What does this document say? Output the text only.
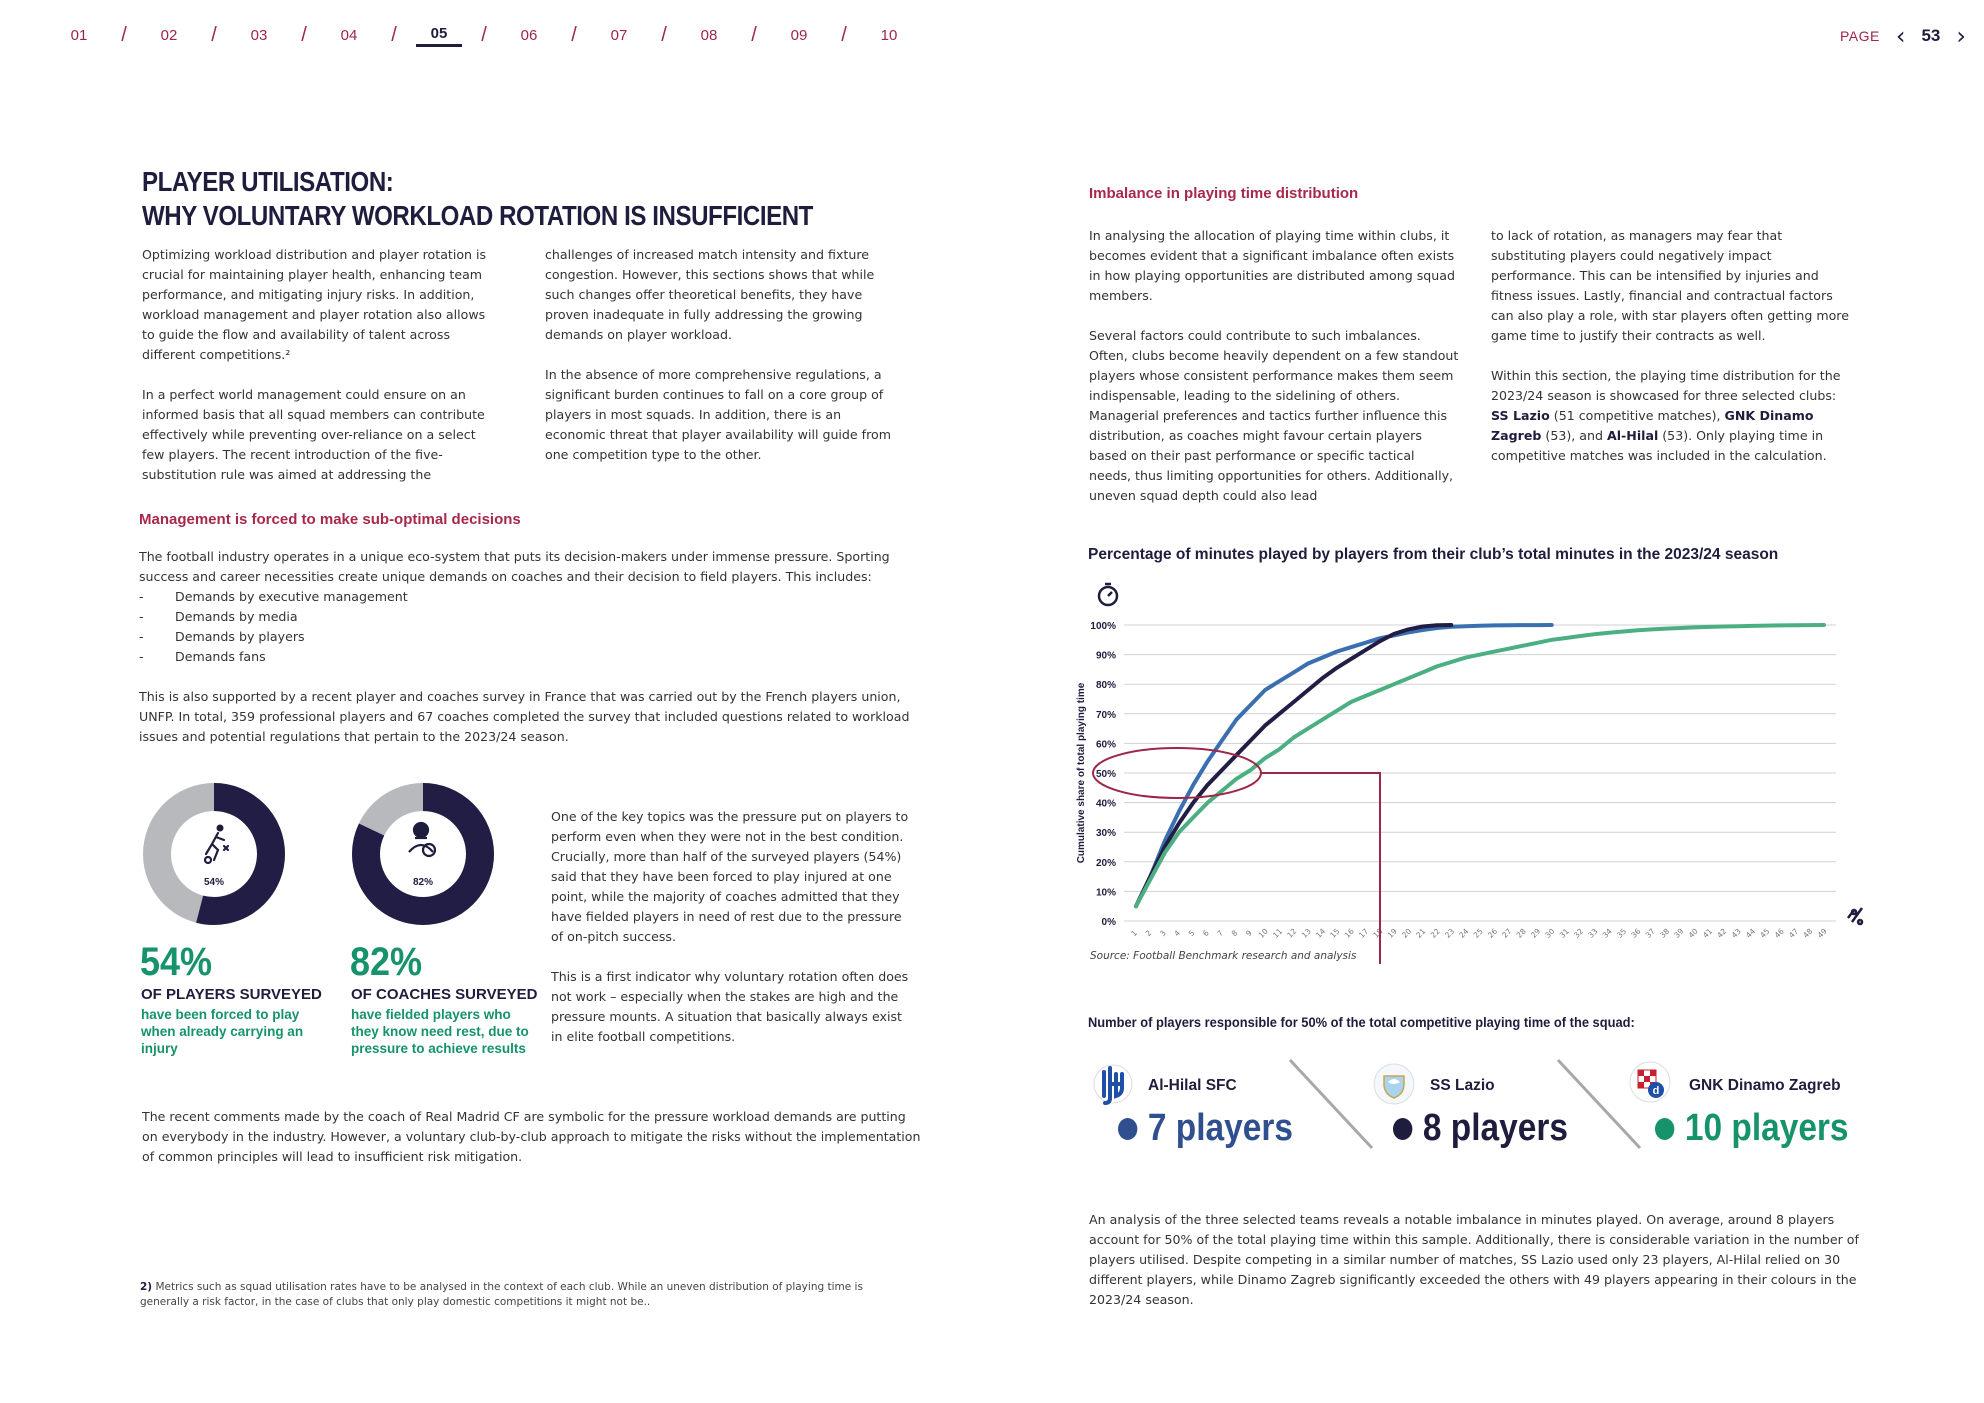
01	/	02	/	03	/	04	/	05	/	06	/	07	/	08	/	09	/	10	PAGE ‹ 53 ›
PLAYER UTILISATION:
WHY VOLUNTARY WORKLOAD ROTATION IS INSUFFICIENT
Optimizing workload distribution and player rotation is crucial for maintaining player health, enhancing team performance, and mitigating injury risks. In addition, workload management and player rotation also allows to guide the flow and availability of talent across different competitions.²
In a perfect world management could ensure on an informed basis that all squad members can contribute effectively while preventing over-reliance on a select few players. The recent introduction of the five-substitution rule was aimed at addressing the
challenges of increased match intensity and fixture congestion. However, this sections shows that while such changes offer theoretical benefits, they have proven inadequate in fully addressing the growing demands on player workload.
In the absence of more comprehensive regulations, a significant burden continues to fall on a core group of players in most squads. In addition, there is an economic threat that player availability will guide from one competition type to the other.
Management is forced to make sub-optimal decisions
The football industry operates in a unique eco-system that puts its decision-makers under immense pressure. Sporting success and career necessities create unique demands on coaches and their decision to field players. This includes:
-	Demands by executive management
-	Demands by media
-	Demands by players
-	Demands fans
This is also supported by a recent player and coaches survey in France that was carried out by the French players union, UNFP. In total, 359 professional players and 67 coaches completed the survey that included questions related to workload issues and potential regulations that pertain to the 2023/24 season.
54%	82%
54%
OF PLAYERS SURVEYED
have been forced to play when already carrying an injury
82%
OF COACHES SURVEYED
have fielded players who they know need rest, due to pressure to achieve results
One of the key topics was the pressure put on players to perform even when they were not in the best condition. Crucially, more than half of the surveyed players (54%) said that they have been forced to play injured at one point, while the majority of coaches admitted that they have fielded players in need of rest due to the pressure of on-pitch success.
This is a first indicator why voluntary rotation often does not work – especially when the stakes are high and the pressure mounts. A situation that basically always exist in elite football competitions.
The recent comments made by the coach of Real Madrid CF are symbolic for the pressure workload demands are putting on everybody in the industry. However, a voluntary club-by-club approach to mitigate the risks without the implementation of common principles will lead to insufficient risk mitigation.
2) Metrics such as squad utilisation rates have to be analysed in the context of each club. While an uneven distribution of playing time is generally a risk factor, in the case of clubs that only play domestic competitions it might not be..
Imbalance in playing time distribution
In analysing the allocation of playing time within clubs, it becomes evident that a significant imbalance often exists in how playing opportunities are distributed among squad members.
Several factors could contribute to such imbalances. Often, clubs become heavily dependent on a few standout players whose consistent performance makes them seem indispensable, leading to the sidelining of others. Managerial preferences and tactics further influence this distribution, as coaches might favour certain players based on their past performance or specific tactical needs, thus limiting opportunities for others. Additionally, uneven squad depth could also lead
to lack of rotation, as managers may fear that substituting players could negatively impact performance. This can be intensified by injuries and fitness issues. Lastly, financial and contractual factors can also play a role, with star players often getting more game time to justify their contracts as well.
Within this section, the playing time distribution for the 2023/24 season is showcased for three selected clubs: SS Lazio (51 competitive matches), GNK Dinamo Zagreb (53), and Al-Hilal (53). Only playing time in competitive matches was included in the calculation.
Percentage of minutes played by players from their club’s total minutes in the 2023/24 season
0%
10%
20%
30%
40%
50%
60%
70%
80%
90%
100%
Cumulative share of total playing time
1 2 3 4 5 6 7 8 9 10 11 12 13 14 15 16 17 18 19 20 21 22 23 24 25 26 27 28 29 30 31 32 33 34 35 36 37 38 39 40 41 42 43 44 45 46 47 48 49
Source: Football Benchmark research and analysis
Number of players responsible for 50% of the total competitive playing time of the squad:
Al-Hilal SFC
7 players
SS Lazio
8 players
d GNK Dinamo Zagreb
10 players
An analysis of the three selected teams reveals a notable imbalance in minutes played. On average, around 8 players account for 50% of the total playing time within this sample. Additionally, there is considerable variation in the number of players utilised. Despite competing in a similar number of matches, SS Lazio used only 23 players, Al-Hilal relied on 30 different players, while Dinamo Zagreb significantly exceeded the others with 49 players appearing in their colours in the 2023/24 season.
